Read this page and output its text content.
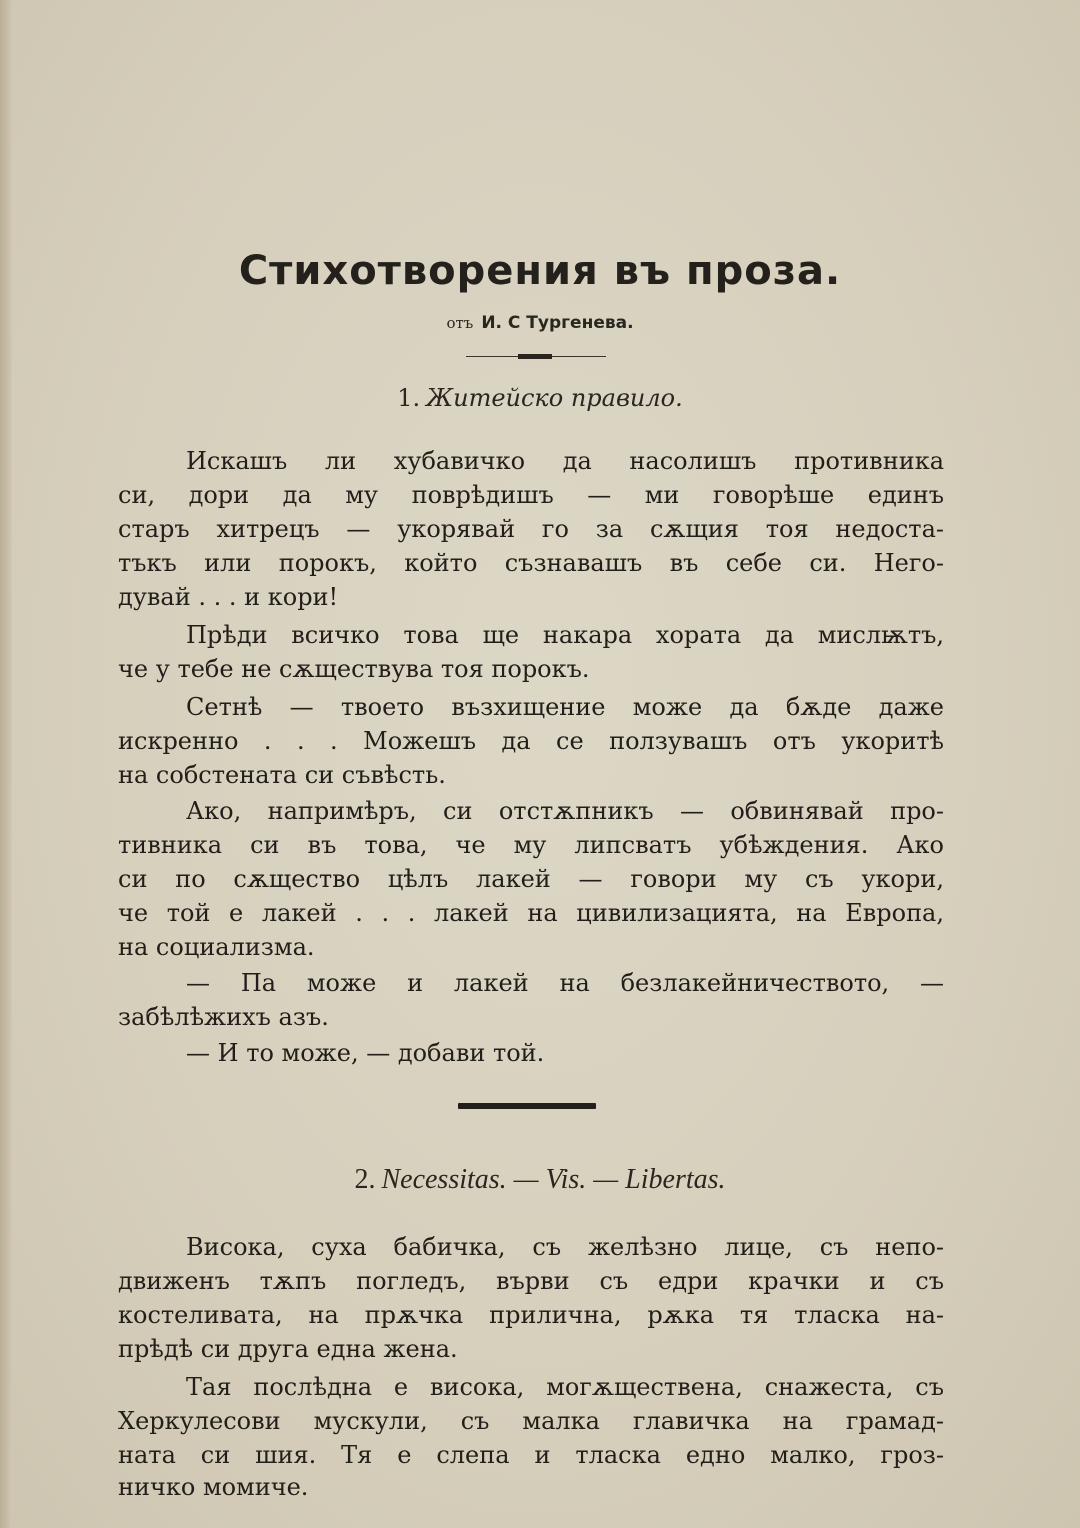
Стихотворения въ проза.
отъ И. С Тургенева.
1. Житейско правило.
Искашъ ли хубавичко да насолишъ противника
си, дори да му поврѣдишъ — ми говорѣше единъ
старъ хитрецъ — укорявай го за сѫщия тоя недоста-
тъкъ или порокъ, който съзнавашъ въ себе си. Него-
дувай . . . и кори!
Прѣди всичко това ще накара хората да мислѭтъ,
че у тебе не сѫществува тоя порокъ.
Сетнѣ — твоето възхищение може да бѫде даже
искренно . . . Можешъ да се ползувашъ отъ укоритѣ
на собстената си съвѣсть.
Ако, напримѣръ, си отстѫпникъ — обвинявай про-
тивника си въ това, че му липсватъ убѣждения. Ако
си по сѫщество цѣлъ лакей — говори му съ укори,
че той е лакей . . . лакей на цивилизацията, на Европа,
на социализма.
— Па може и лакей на безлакейничеството, —
забѣлѣжихъ азъ.
— И то може, — добави той.
2. Necessitas. — Vis. — Libertas.
Висока, суха бабичка, съ желѣзно лице, съ непо-
движенъ тѫпъ погледъ, върви съ едри крачки и съ
костеливата, на прѫчка прилична, рѫка тя тласка на-
прѣдѣ си друга една жена.
Тая послѣдна е висока, могѫществена, снажеста, съ
Херкулесови мускули, съ малка главичка на грамад-
ната си шия. Тя е слепа и тласка едно малко, гроз-
ничко момиче.
